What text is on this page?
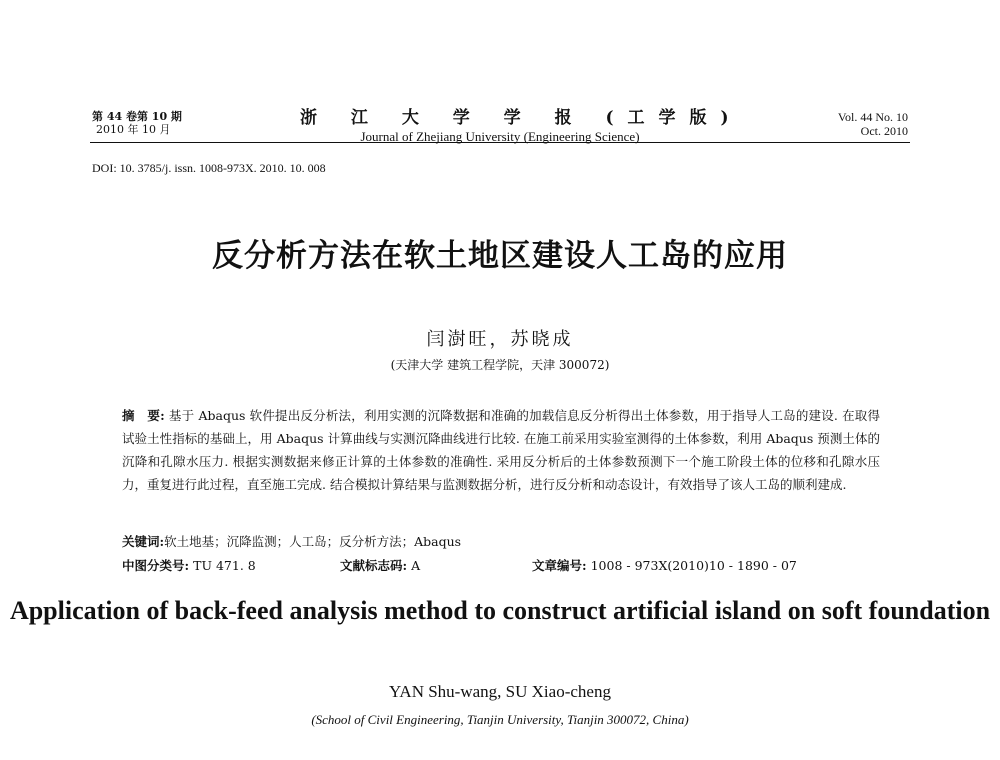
第 44 卷第 10 期
2010 年 10 月
浙 江 大 学 学 报 (工学版)
Journal of Zhejiang University (Engineering Science)
Vol. 44 No. 10
Oct. 2010
DOI: 10. 3785/j. issn. 1008-973X. 2010. 10. 008
反分析方法在软土地区建设人工岛的应用
闫澍旺，苏晓成
(天津大学 建筑工程学院，天津 300072)
摘　要: 基于 Abaqus 软件提出反分析法，利用实测的沉降数据和准确的加载信息反分析得出土体参数，用于指导人工岛的建设. 在取得试验土性指标的基础上，用 Abaqus 计算曲线与实测沉降曲线进行比较. 在施工前采用实验室测得的土体参数，利用 Abaqus 预测土体的沉降和孔隙水压力. 根据实测数据来修正计算的土体参数的准确性. 采用反分析后的土体参数预测下一个施工阶段土体的位移和孔隙水压力，重复进行此过程，直至施工完成. 结合模拟计算结果与监测数据分析，进行反分析和动态设计，有效指导了该人工岛的顺利建成.
关键词:软土地基；沉降监测；人工岛；反分析方法；Abaqus
中图分类号: TU 471. 8	文献标志码: A	文章编号: 1008 - 973X(2010)10 - 1890 - 07
Application of back-feed analysis method to construct artificial island on soft foundation
YAN Shu-wang, SU Xiao-cheng
(School of Civil Engineering, Tianjin University, Tianjin 300072, China)
